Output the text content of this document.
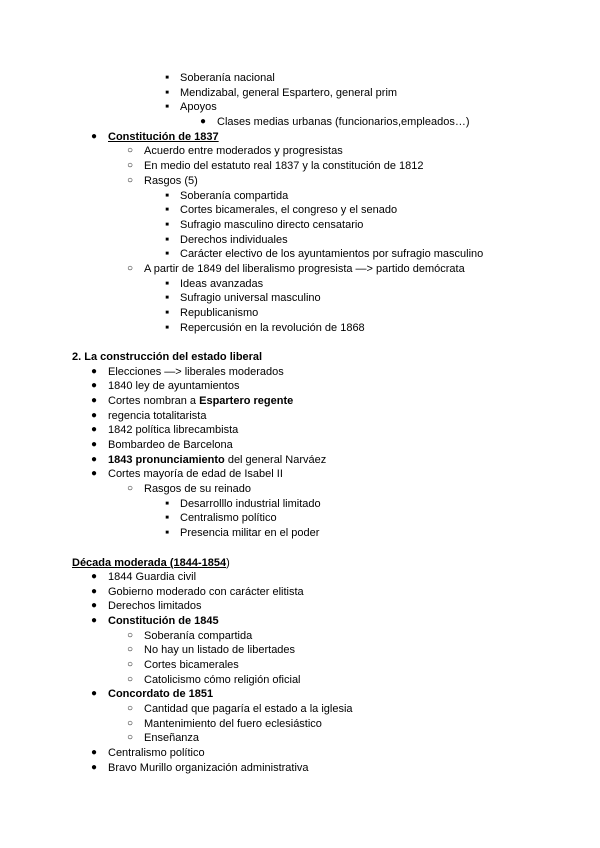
■	Soberanía nacional
■	Mendizabal, general Espartero, general prim
■	Apoyos
● Clases medias urbanas (funcionarios,empleados…)
● Constitución de 1837
○ Acuerdo entre moderados y progresistas
○ En medio del estatuto real 1837 y la constitución de 1812
○ Rasgos (5)
■	Soberanía compartida
■	Cortes bicamerales, el congreso y el senado
■	Sufragio masculino directo censatario
■	Derechos individuales
■	Carácter electivo de los ayuntamientos por sufragio masculino
○ A partir de 1849 del liberalismo progresista —> partido demócrata
■	Ideas avanzadas
■	Sufragio universal masculino
■	Republicanismo
■	Repercusión en la revolución de 1868
2. La construcción del estado liberal
● Elecciones —> liberales moderados
● 1840 ley de ayuntamientos
● Cortes nombran a Espartero regente
● regencia totalitarista
● 1842 política librecambista
● Bombardeo de Barcelona
● 1843 pronunciamiento del general Narváez
● Cortes mayoría de edad de Isabel II
○ Rasgos de su reinado
■	Desarrolllo industrial limitado
■	Centralismo político
■	Presencia militar en el poder
Década moderada (1844-1854)
● 1844 Guardia civil
● Gobierno moderado con carácter elitista
● Derechos limitados
● Constitución de 1845
○ Soberanía compartida
○ No hay un listado de libertades
○ Cortes bicamerales
○ Catolicismo cómo religión oficial
● Concordato de 1851
○ Cantidad que pagaría el estado a la iglesia
○ Mantenimiento del fuero eclesiástico
○ Enseñanza
● Centralismo político
● Bravo Murillo organización administrativa
